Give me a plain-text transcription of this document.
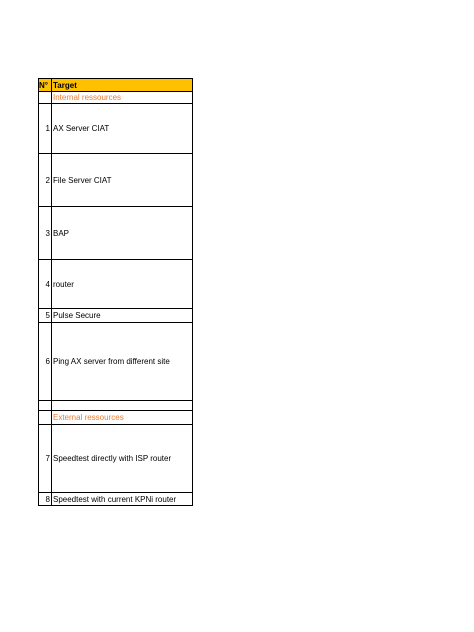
N° Target
Internal ressources
1 AX Server CIAT
2 File Server CIAT
3 BAP
4 router
5 Pulse Secure
6 Ping AX server from different site
External ressources
7 Speedtest directly with ISP router
8 Speedtest with current KPNi router
